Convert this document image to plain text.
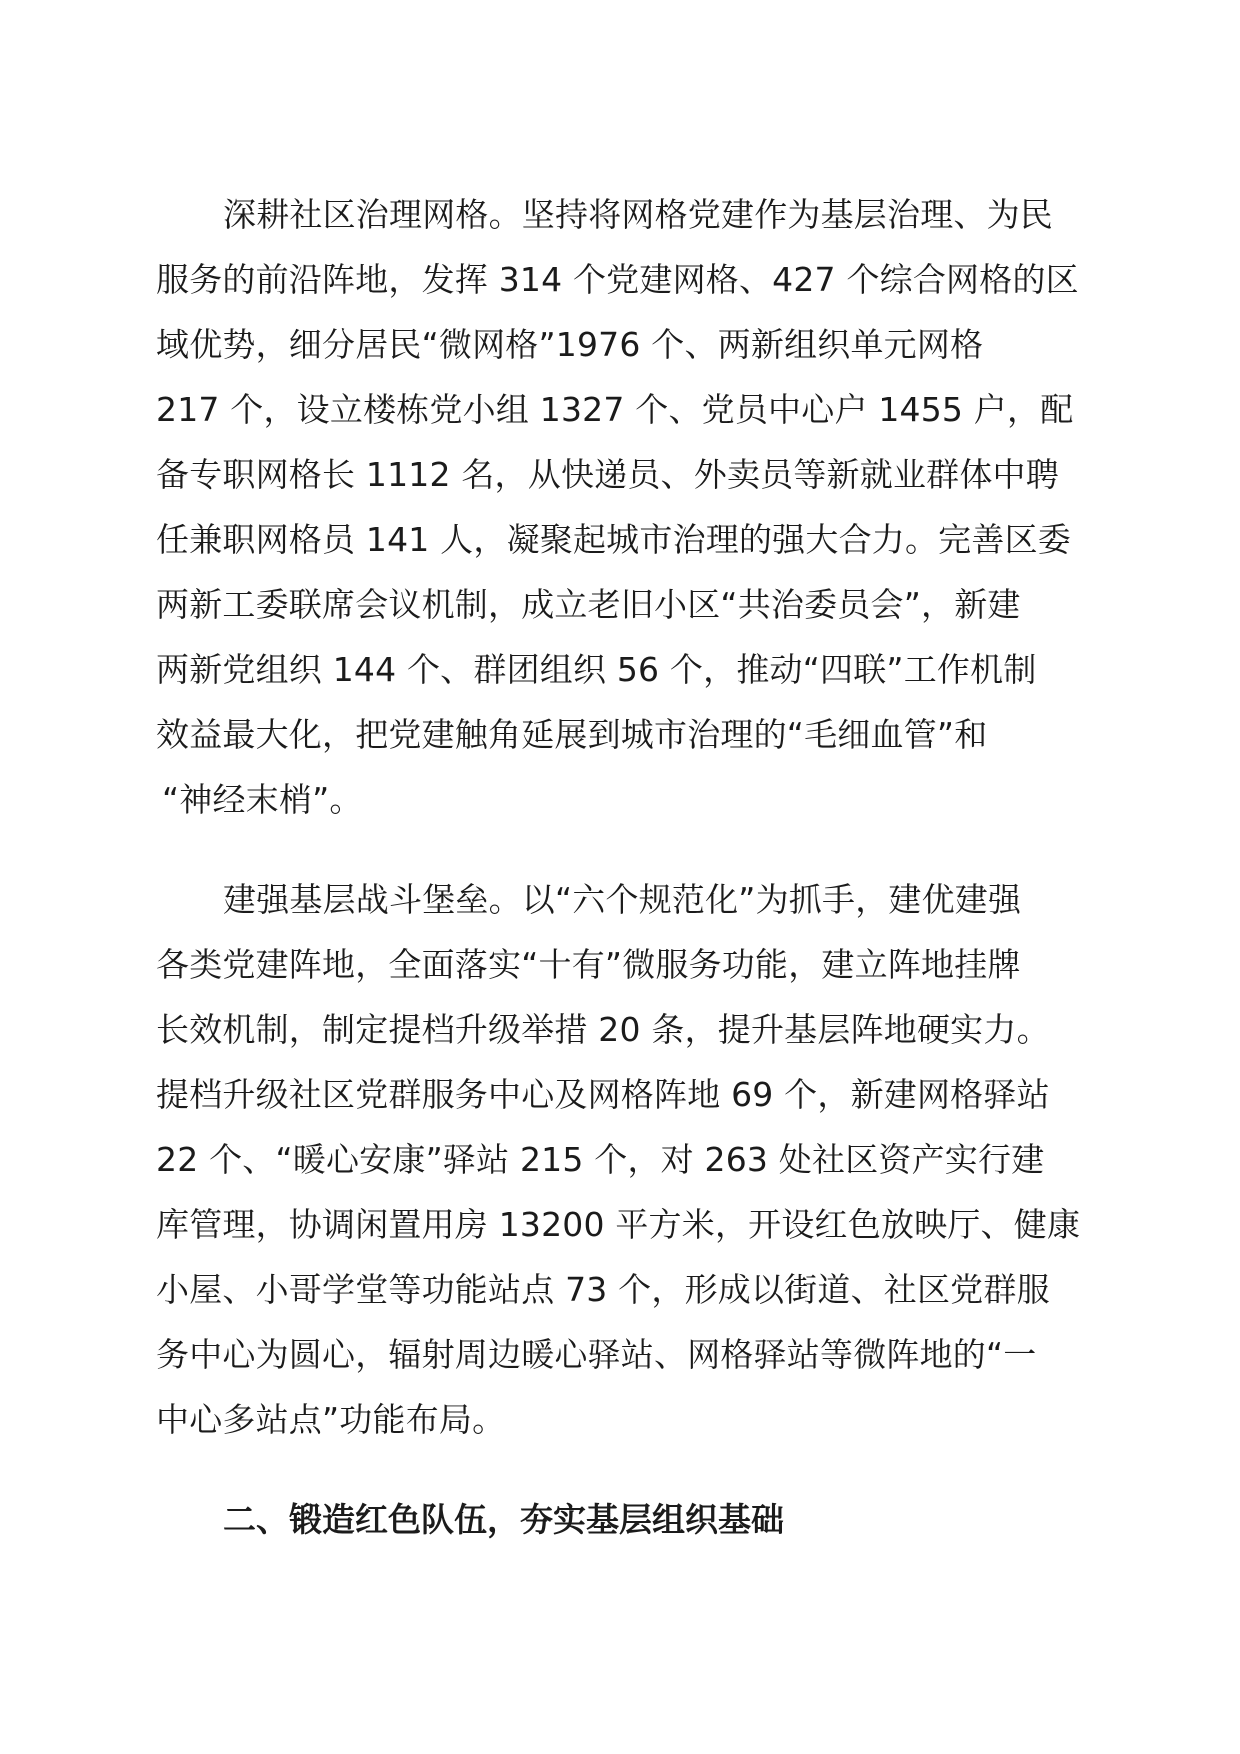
深耕社区治理网格。坚持将网格党建作为基层治理、为民
服务的前沿阵地，发挥 314 个党建网格、427 个综合网格的区
域优势，细分居民“微网格”1976 个、两新组织单元网格
217 个，设立楼栋党小组 1327 个、党员中心户 1455 户，配
备专职网格长 1112 名，从快递员、外卖员等新就业群体中聘
任兼职网格员 141 人，凝聚起城市治理的强大合力。完善区委
两新工委联席会议机制，成立老旧小区“共治委员会”，新建
两新党组织 144 个、群团组织 56 个，推动“四联”工作机制
效益最大化，把党建触角延展到城市治理的“毛细血管”和
“神经末梢”。
建强基层战斗堡垒。以“六个规范化”为抓手，建优建强
各类党建阵地，全面落实“十有”微服务功能，建立阵地挂牌
长效机制，制定提档升级举措 20 条，提升基层阵地硬实力。
提档升级社区党群服务中心及网格阵地 69 个，新建网格驿站
22 个、“暖心安康”驿站 215 个，对 263 处社区资产实行建
库管理，协调闲置用房 13200 平方米，开设红色放映厅、健康
小屋、小哥学堂等功能站点 73 个，形成以街道、社区党群服
务中心为圆心，辐射周边暖心驿站、网格驿站等微阵地的“一
中心多站点”功能布局。
二、锻造红色队伍，夯实基层组织基础
